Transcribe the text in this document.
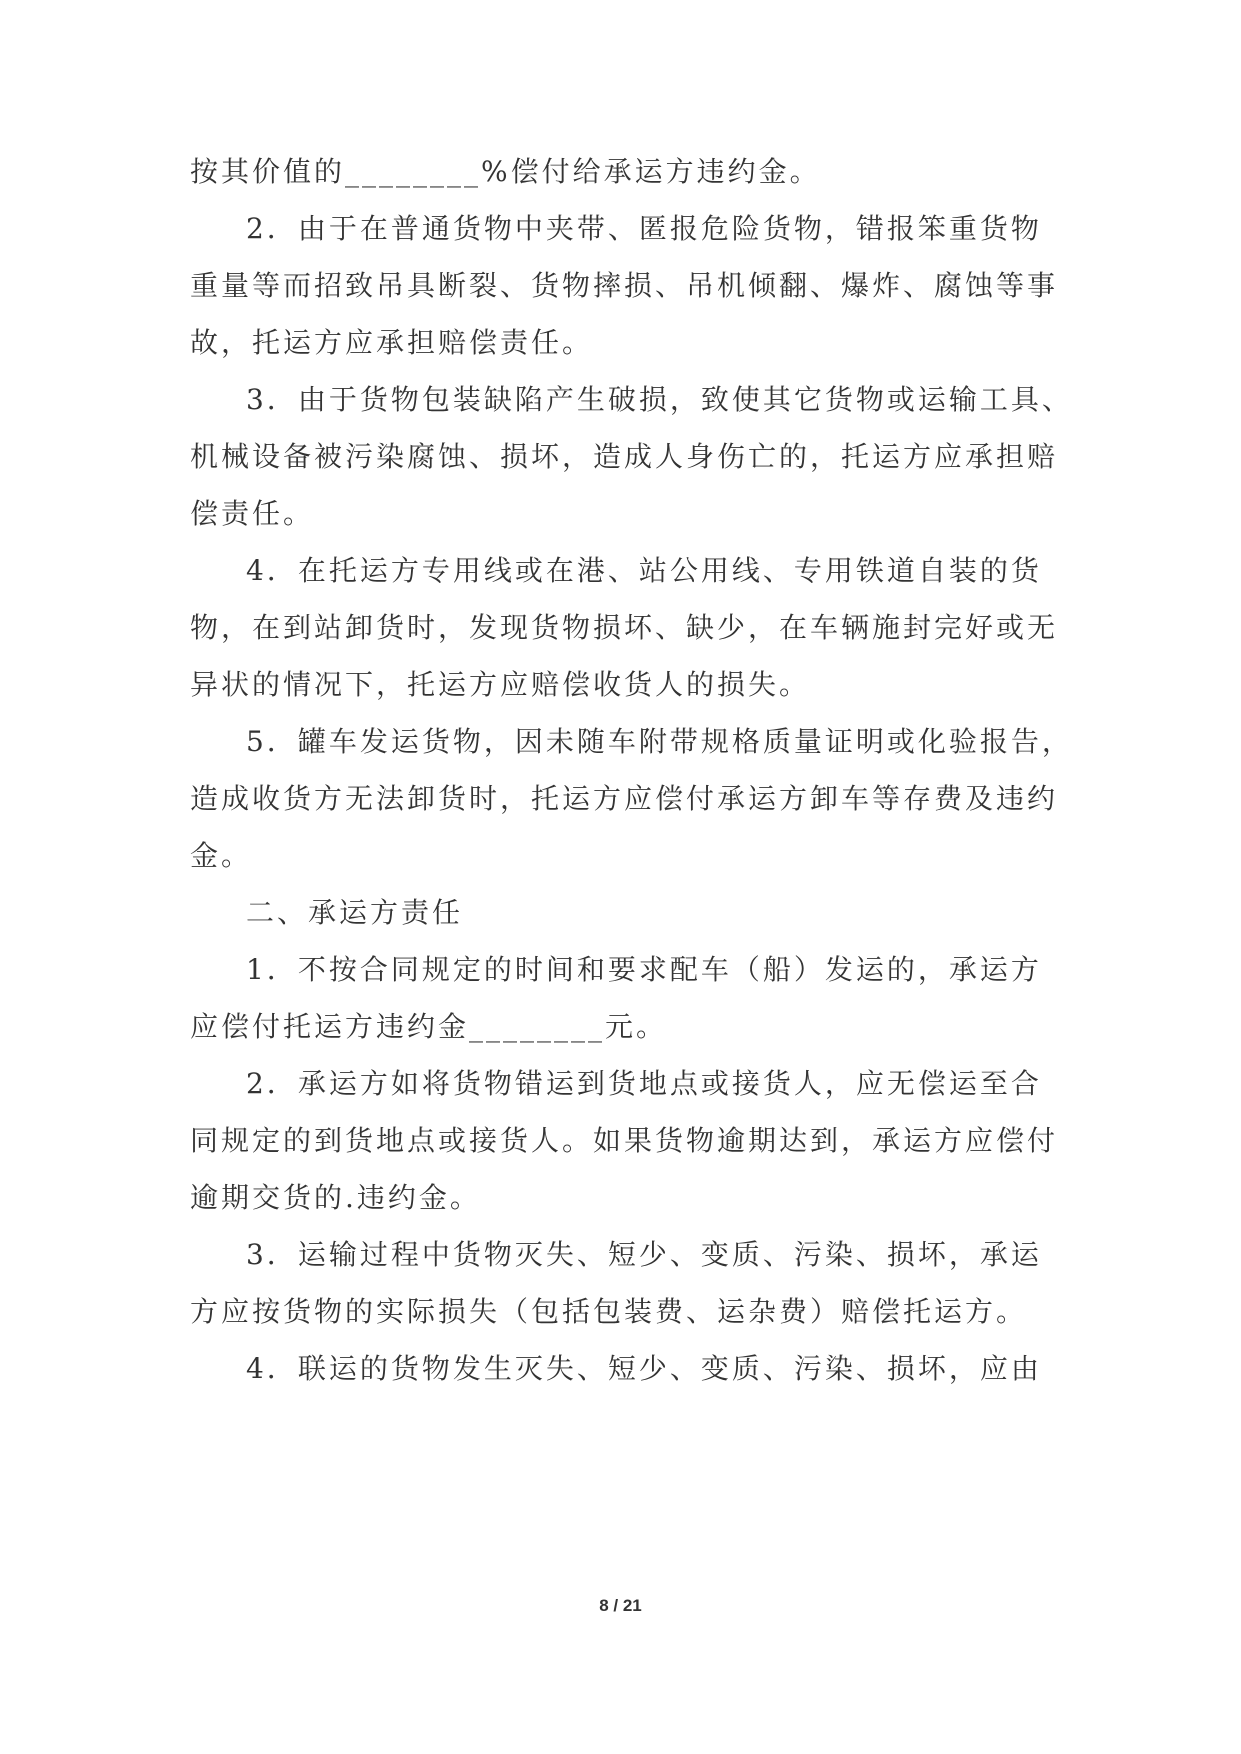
按其价值的________%偿付给承运方违约金。
2．由于在普通货物中夹带、匿报危险货物，错报笨重货物
重量等而招致吊具断裂、货物摔损、吊机倾翻、爆炸、腐蚀等事
故，托运方应承担赔偿责任。
3．由于货物包装缺陷产生破损，致使其它货物或运输工具、
机械设备被污染腐蚀、损坏，造成人身伤亡的，托运方应承担赔
偿责任。
4．在托运方专用线或在港、站公用线、专用铁道自装的货
物，在到站卸货时，发现货物损坏、缺少，在车辆施封完好或无
异状的情况下，托运方应赔偿收货人的损失。
5．罐车发运货物，因未随车附带规格质量证明或化验报告，
造成收货方无法卸货时，托运方应偿付承运方卸车等存费及违约
金。
二、承运方责任
1．不按合同规定的时间和要求配车（船）发运的，承运方
应偿付托运方违约金________元。
2．承运方如将货物错运到货地点或接货人，应无偿运至合
同规定的到货地点或接货人。如果货物逾期达到，承运方应偿付
逾期交货的.违约金。
3．运输过程中货物灭失、短少、变质、污染、损坏，承运
方应按货物的实际损失（包括包装费、运杂费）赔偿托运方。
4．联运的货物发生灭失、短少、变质、污染、损坏，应由
8 / 21
